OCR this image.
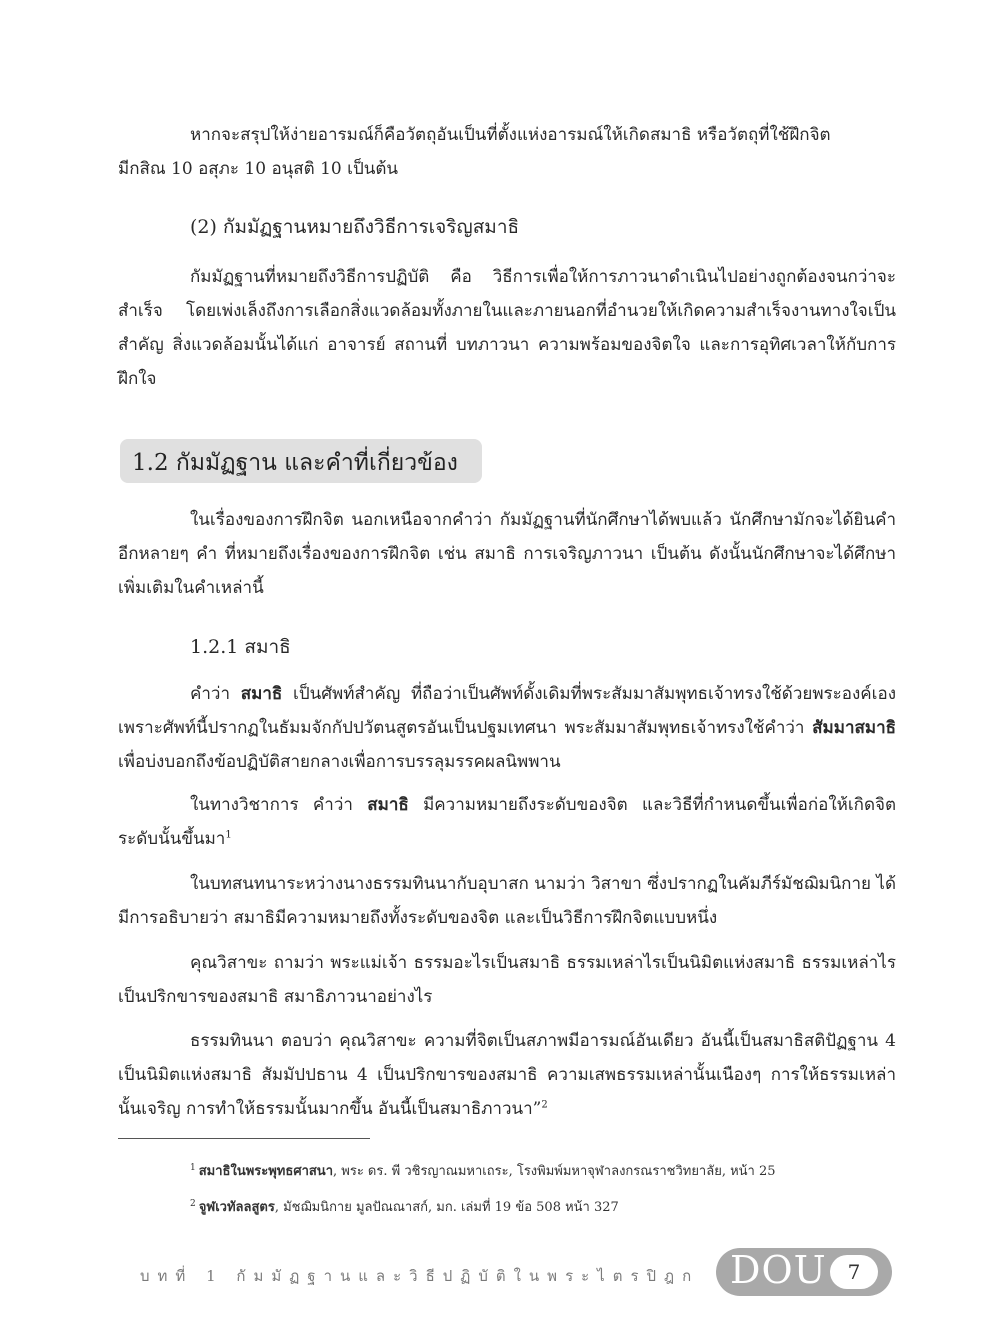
หากจะสรุปให้ง่ายอารมณ์ก็คือวัตถุอันเป็นที่ตั้งแห่งอารมณ์ให้เกิดสมาธิ หรือวัตถุที่ใช้ฝึกจิต
มีกสิณ 10 อสุภะ 10 อนุสติ 10 เป็นต้น

(2) กัมมัฏฐานหมายถึงวิธีการเจริญสมาธิ

กัมมัฏฐานที่หมายถึงวิธีการปฏิบัติ คือ วิธีการเพื่อให้การภาวนาดำเนินไปอย่างถูกต้องจนกว่าจะสำเร็จ โดยเพ่งเล็งถึงการเลือกสิ่งแวดล้อมทั้งภายในและภายนอกที่อำนวยให้เกิดความสำเร็จงานทางใจเป็นสำคัญ สิ่งแวดล้อมนั้นได้แก่ อาจารย์ สถานที่ บทภาวนา ความพร้อมของจิตใจ และการอุทิศเวลาให้กับการฝึกใจ

1.2 กัมมัฏฐาน และคำที่เกี่ยวข้อง

ในเรื่องของการฝึกจิต นอกเหนือจากคำว่า กัมมัฏฐานที่นักศึกษาได้พบแล้ว นักศึกษามักจะได้ยินคำอีกหลายๆ คำ ที่หมายถึงเรื่องของการฝึกจิต เช่น สมาธิ การเจริญภาวนา เป็นต้น ดังนั้นนักศึกษาจะได้ศึกษาเพิ่มเติมในคำเหล่านี้

1.2.1 สมาธิ

คำว่า สมาธิ เป็นศัพท์สำคัญ ที่ถือว่าเป็นศัพท์ดั้งเดิมที่พระสัมมาสัมพุทธเจ้าทรงใช้ด้วยพระองค์เอง เพราะศัพท์นี้ปรากฏในธัมมจักกัปปวัตนสูตรอันเป็นปฐมเทศนา พระสัมมาสัมพุทธเจ้าทรงใช้คำว่า สัมมาสมาธิ เพื่อบ่งบอกถึงข้อปฏิบัติสายกลางเพื่อการบรรลุมรรคผลนิพพาน

ในทางวิชาการ คำว่า สมาธิ มีความหมายถึงระดับของจิต และวิธีที่กำหนดขึ้นเพื่อก่อให้เกิดจิตระดับนั้นขึ้นมา$^1$

ในบทสนทนาระหว่างนางธรรมทินนากับอุบาสก นามว่า วิสาขา ซึ่งปรากฏในคัมภีร์มัชฌิมนิกาย ได้มีการอธิบายว่า สมาธิมีความหมายถึงทั้งระดับของจิต และเป็นวิธีการฝึกจิตแบบหนึ่ง

คุณวิสาขะ ถามว่า พระแม่เจ้า ธรรมอะไรเป็นสมาธิ ธรรมเหล่าไรเป็นนิมิตแห่งสมาธิ ธรรมเหล่าไรเป็นปริกขารของสมาธิ สมาธิภาวนาอย่างไร

ธรรมทินนา ตอบว่า คุณวิสาขะ ความที่จิตเป็นสภาพมีอารมณ์อันเดียว อันนี้เป็นสมาธิสติปัฏฐาน 4 เป็นนิมิตแห่งสมาธิ สัมมัปปธาน 4 เป็นปริกขารของสมาธิ ความเสพธรรมเหล่านั้นเนืองๆ การให้ธรรมเหล่านั้นเจริญ การทำให้ธรรมนั้นมากขึ้น อันนี้เป็นสมาธิภาวนา”$^2$

$^1$ สมาธิในพระพุทธศาสนา, พระ ดร. พี วชิรญาณมหาเถระ, โรงพิมพ์มหาจุฬาลงกรณราชวิทยาลัย, หน้า 25

$^2$ จูฬเวทัลลสูตร, มัชฌิมนิกาย มูลปัณณาสก์, มก. เล่มที่ 19 ข้อ 508 หน้า 327

บทที่ 1 กัมมัฏฐานและวิธีปฏิบัติในพระไตรปิฎก DOU	7
